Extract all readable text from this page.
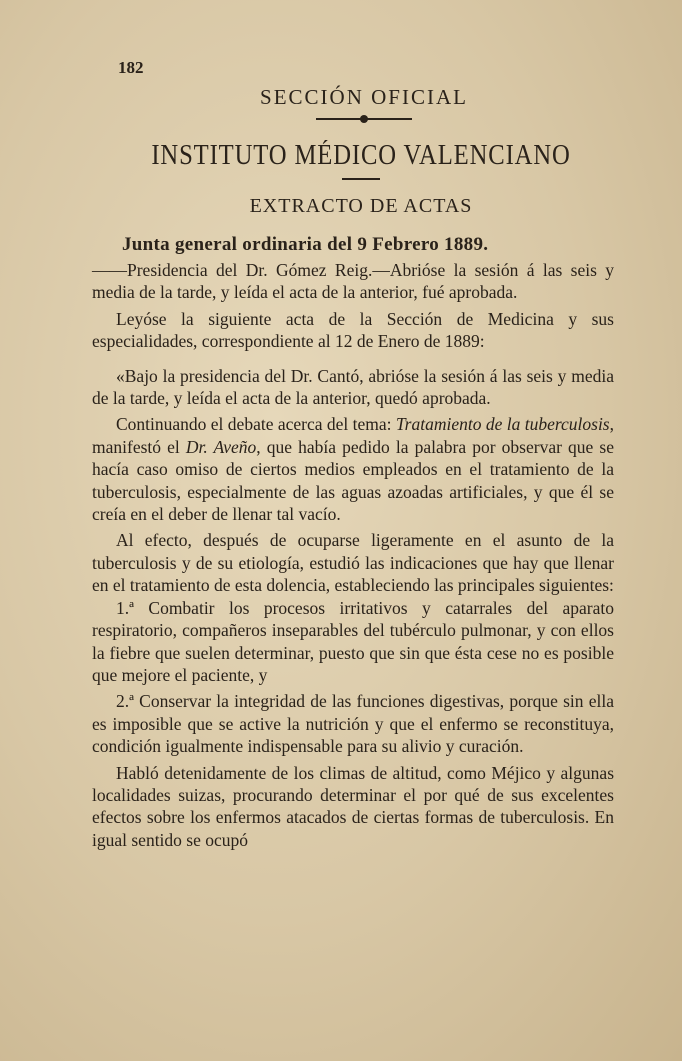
182
SECCIÓN OFICIAL
INSTITUTO MÉDICO VALENCIANO
EXTRACTO DE ACTAS
Junta general ordinaria del 9 Febrero 1889.

——Presidencia del Dr. Gómez Reig.—Abrióse la sesión á las seis y media de la tarde, y leída el acta de la anterior, fué aprobada.

Leyóse la siguiente acta de la Sección de Medicina y sus especialidades, correspondiente al 12 de Enero de 1889:

«Bajo la presidencia del Dr. Cantó, abrióse la sesión á las seis y media de la tarde, y leída el acta de la anterior, quedó aprobada.

Continuando el debate acerca del tema: Tratamiento de la tuberculosis, manifestó el Dr. Aveño, que había pedido la palabra por observar que se hacía caso omiso de ciertos medios empleados en el tratamiento de la tuberculosis, especialmente de las aguas azoadas artificiales, y que él se creía en el deber de llenar tal vacío.

Al efecto, después de ocuparse ligeramente en el asunto de la tuberculosis y de su etiología, estudió las indicaciones que hay que llenar en el tratamiento de esta dolencia, estableciendo las principales siguientes:

1.ª Combatir los procesos irritativos y catarrales del aparato respiratorio, compañeros inseparables del tubérculo pulmonar, y con ellos la fiebre que suelen determinar, puesto que sin que ésta cese no es posible que mejore el paciente, y

2.ª Conservar la integridad de las funciones digestivas, porque sin ella es imposible que se active la nutrición y que el enfermo se reconstituya, condición igualmente indispensable para su alivio y curación.

Habló detenidamente de los climas de altitud, como Méjico y algunas localidades suizas, procurando determinar el por qué de sus excelentes efectos sobre los enfermos atacados de ciertas formas de tuberculosis. En igual sentido se ocupó
